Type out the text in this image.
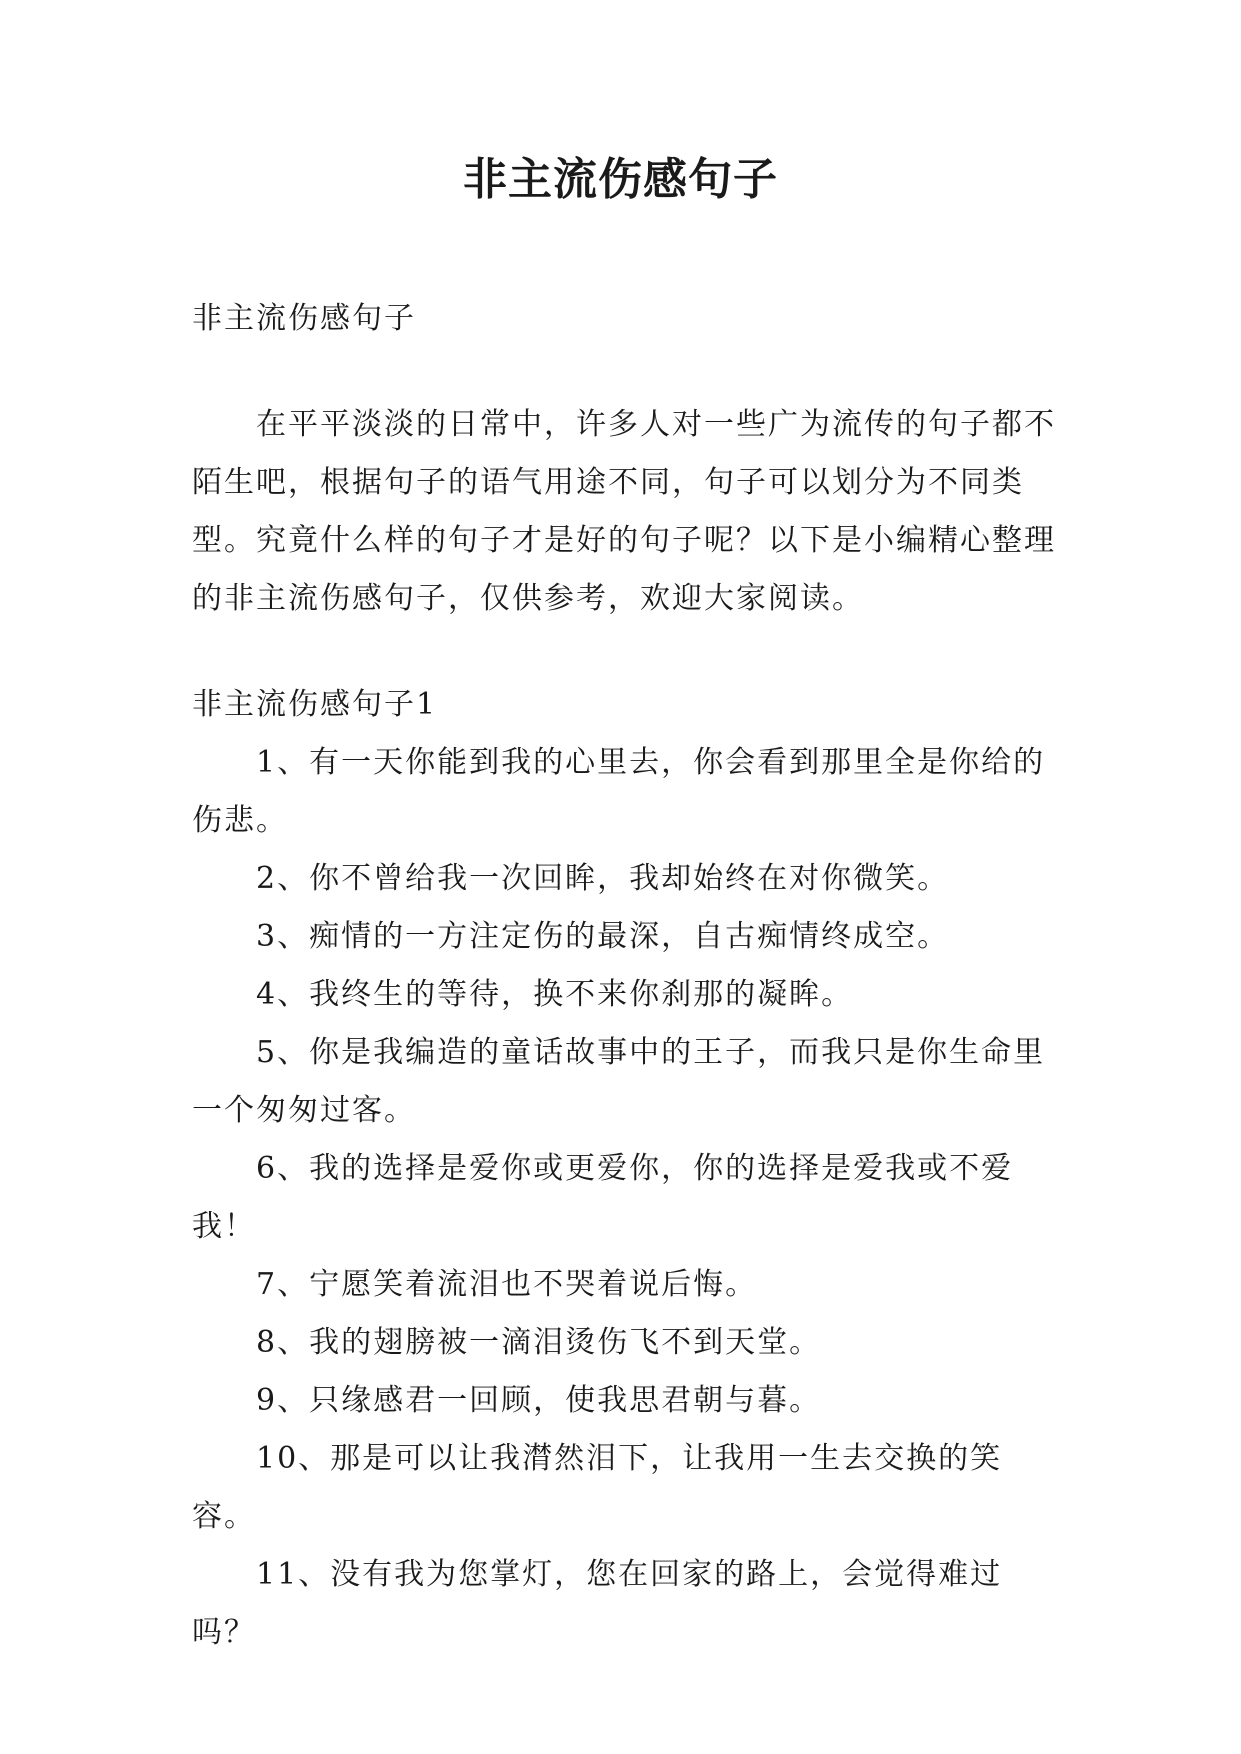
非主流伤感句子

非主流伤感句子

在平平淡淡的日常中，许多人对一些广为流传的句子都不陌生吧，根据句子的语气用途不同，句子可以划分为不同类型。究竟什么样的句子才是好的句子呢？以下是小编精心整理的非主流伤感句子，仅供参考，欢迎大家阅读。

非主流伤感句子1

1、有一天你能到我的心里去，你会看到那里全是你给的伤悲。

2、你不曾给我一次回眸，我却始终在对你微笑。

3、痴情的一方注定伤的最深，自古痴情终成空。

4、我终生的等待，换不来你刹那的凝眸。

5、你是我编造的童话故事中的王子，而我只是你生命里一个匆匆过客。

6、我的选择是爱你或更爱你，你的选择是爱我或不爱我！

7、宁愿笑着流泪也不哭着说后悔。

8、我的翅膀被一滴泪烫伤飞不到天堂。

9、只缘感君一回顾，使我思君朝与暮。

10、那是可以让我潸然泪下，让我用一生去交换的笑容。

11、没有我为您掌灯，您在回家的路上，会觉得难过吗？
